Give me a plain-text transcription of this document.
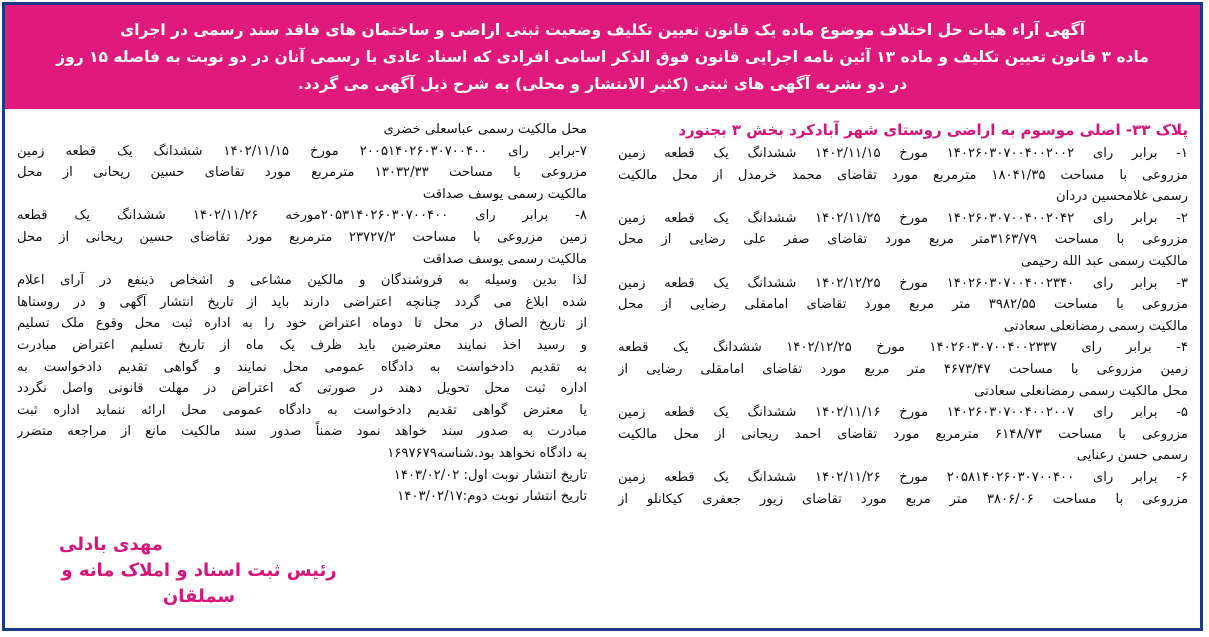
آگهی آراء هیات حل اختلاف موضوع ماده یک قانون تعیین تکلیف وضعیت ثبتی اراضی و ساختمان های فاقد سند رسمی در اجرای
ماده ۳ قانون تعیین تکلیف و ماده ۱۳ آئین نامه اجرایی قانون فوق الذکر اسامی افرادی که اسناد عادی یا رسمی آنان در دو نوبت به فاصله ۱۵ روز
در دو نشریه آگهی های ثبتی (کثیر الانتشار و محلی) به شرح ذیل آگهی می گردد.
پلاک ۳۳- اصلی موسوم به اراضی روستای شهر آبادکرد بخش ۳ بجنورد
۱- برابر رای ۱۴۰۲۶۰۳۰۷۰۰۴۰۰۲۰۰۲ مورخ ۱۴۰۲/۱۱/۱۵ ششدانگ یک قطعه زمین
مزروعی با مساحت ۱۸۰۴۱/۳۵ مترمربع مورد تقاضای محمد خرمدل از محل مالکیت
رسمی غلامحسین دردان
۲- برابر رای ۱۴۰۲۶۰۳۰۷۰۰۴۰۰۲۰۴۲ مورخ ۱۴۰۲/۱۱/۲۵ ششدانگ یک قطعه زمین
مزروعی با مساحت ۳۱۶۳/۷۹متر مربع مورد تقاضای صفر علی رضایی از محل
مالکیت رسمی عبد الله رحیمی
۳- برابر رای ۱۴۰۲۶۰۳۰۷۰۰۴۰۰۲۳۴۰ مورخ ۱۴۰۲/۱۲/۲۵ ششدانگ یک قطعه زمین
مزروعی با مساحت ۳۹۸۲/۵۵ متر مربع مورد تقاضای امامقلی رضایی از محل
مالکیت رسمی رمضانعلی سعادتی
۴- برابر رای ۱۴۰۲۶۰۳۰۷۰۰۴۰۰۲۳۳۷ مورخ ۱۴۰۲/۱۲/۲۵ ششدانگ یک قطعه
زمین مزروعی با مساحت ۴۶۷۳/۴۷ متر مربع مورد تقاضای امامقلی رضایی از
محل مالکیت رسمی رمضانعلی سعادتی
۵- برابر رای ۱۴۰۲۶۰۳۰۷۰۰۴۰۰۲۰۰۷ مورخ ۱۴۰۲/۱۱/۱۶ ششدانگ یک قطعه زمین
مزروعی با مساحت ۶۱۴۸/۷۳ مترمربع مورد تقاضای احمد ریحانی از محل مالکیت
رسمی حسن رعنایی
۶- برابر رای ۲۰۵۸۱۴۰۲۶۰۳۰۷۰۰۴۰۰ مورخ ۱۴۰۲/۱۱/۲۶ ششدانگ یک قطعه زمین
مزروعی با مساحت ۳۸۰۶/۰۶ متر مربع مورد تقاضای زیور جعفری کیکانلو از
محل مالکیت رسمی عباسعلی خضری
۷-برابر رای ۲۰۰۵۱۴۰۲۶۰۳۰۷۰۰۴۰۰ مورخ ۱۴۰۲/۱۱/۱۵ ششدانگ یک قطعه زمین
مزروعی با مساحت ۱۳۰۳۲/۳۳ مترمربع مورد تقاضای حسین ریحانی از محل
مالکیت رسمی یوسف صداقت
۸- برابر رای ۲۰۵۳۱۴۰۲۶۰۳۰۷۰۰۴۰۰مورخه ۱۴۰۲/۱۱/۲۶ ششدانگ یک قطعه
زمین مزروعی با مساحت ۲۳۷۲۷/۲ مترمربع مورد تقاضای حسین ریحانی از محل
مالکیت رسمی یوسف صداقت
لذا بدین وسیله به فروشندگان و مالکین مشاعی و اشخاص ذینفع در آرای اعلام
شده ابلاغ می گردد چنانچه اعتراضی دارند باید از تاریخ انتشار آگهی و در روستاها
از تاریخ الصاق در محل تا دوماه اعتراض خود را به اداره ثبت محل وقوع ملک تسلیم
و رسید اخذ نمایند معترضین باید ظرف یک ماه از تاریخ تسلیم اعتراض مبادرت
به تقدیم دادخواست به دادگاه عمومی محل نمایند و گواهی تقدیم دادخواست به
اداره ثبت محل تحویل دهند در صورتی که اعتراض در مهلت قانونی واصل نگردد
یا معترض گواهی تقدیم دادخواست به دادگاه عمومی محل ارائه ننماید اداره ثبت
مبادرت به صدور سند خواهد نمود ضمناً صدور سند مالکیت مانع از مراجعه متضرر
به دادگاه نخواهد بود.شناسه۱۶۹۷۶۷۹
تاریخ انتشار نوبت اول: ۱۴۰۳/۰۲/۰۲
تاریخ انتشار نوبت دوم:۱۴۰۳/۰۲/۱۷
مهدی بادلی
رئیس ثبت اسناد و املاک مانه و سملقان
